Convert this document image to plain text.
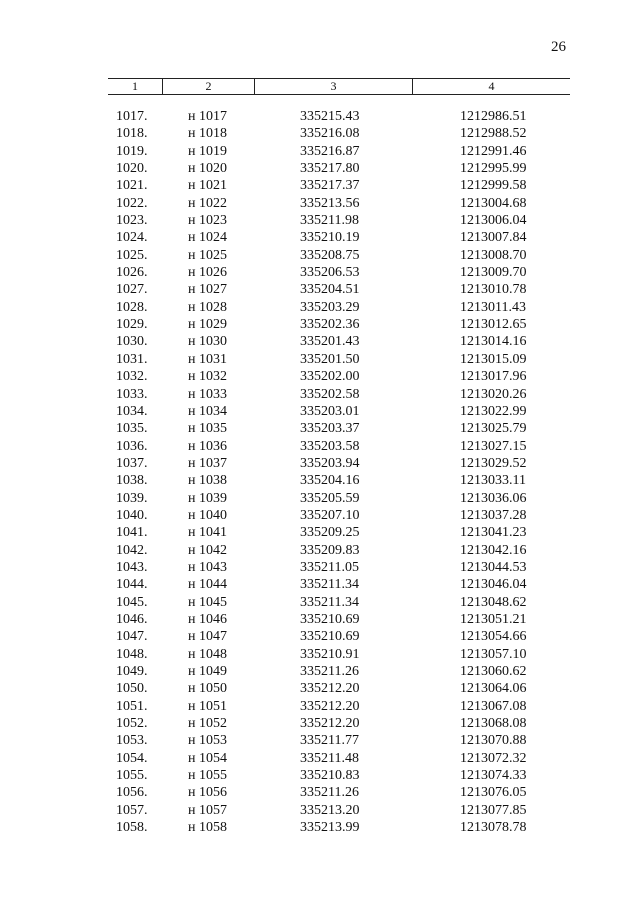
26
1	2	3	4
1017.	н 1017	335215.43	1212986.51
1018.	н 1018	335216.08	1212988.52
1019.	н 1019	335216.87	1212991.46
1020.	н 1020	335217.80	1212995.99
1021.	н 1021	335217.37	1212999.58
1022.	н 1022	335213.56	1213004.68
1023.	н 1023	335211.98	1213006.04
1024.	н 1024	335210.19	1213007.84
1025.	н 1025	335208.75	1213008.70
1026.	н 1026	335206.53	1213009.70
1027.	н 1027	335204.51	1213010.78
1028.	н 1028	335203.29	1213011.43
1029.	н 1029	335202.36	1213012.65
1030.	н 1030	335201.43	1213014.16
1031.	н 1031	335201.50	1213015.09
1032.	н 1032	335202.00	1213017.96
1033.	н 1033	335202.58	1213020.26
1034.	н 1034	335203.01	1213022.99
1035.	н 1035	335203.37	1213025.79
1036.	н 1036	335203.58	1213027.15
1037.	н 1037	335203.94	1213029.52
1038.	н 1038	335204.16	1213033.11
1039.	н 1039	335205.59	1213036.06
1040.	н 1040	335207.10	1213037.28
1041.	н 1041	335209.25	1213041.23
1042.	н 1042	335209.83	1213042.16
1043.	н 1043	335211.05	1213044.53
1044.	н 1044	335211.34	1213046.04
1045.	н 1045	335211.34	1213048.62
1046.	н 1046	335210.69	1213051.21
1047.	н 1047	335210.69	1213054.66
1048.	н 1048	335210.91	1213057.10
1049.	н 1049	335211.26	1213060.62
1050.	н 1050	335212.20	1213064.06
1051.	н 1051	335212.20	1213067.08
1052.	н 1052	335212.20	1213068.08
1053.	н 1053	335211.77	1213070.88
1054.	н 1054	335211.48	1213072.32
1055.	н 1055	335210.83	1213074.33
1056.	н 1056	335211.26	1213076.05
1057.	н 1057	335213.20	1213077.85
1058.	н 1058	335213.99	1213078.78
